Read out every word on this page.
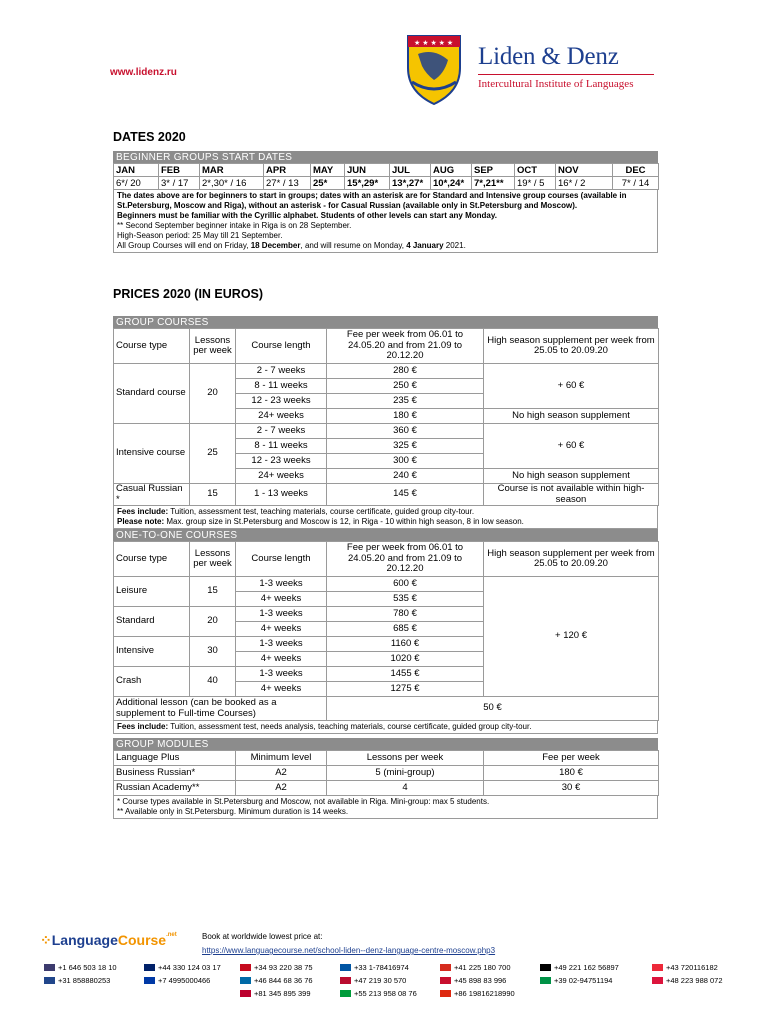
www.lidenz.ru
★ ★ ★ ★ ★ Liden & Denz
Intercultural Institute of Languages
DATES 2020
BEGINNER GROUPS START DATES
JAN	FEB	MAR	APR	MAY	JUN	JUL	AUG	SEP	OCT	NOV	DEC
6*/ 20	3* / 17	2*,30* / 16	27* / 13	25*	15*,29*	13*,27*	10*,24*	7*,21**	19* / 5	16* / 2	7* / 14
The dates above are for beginners to start in groups; dates with an asterisk are for Standard and Intensive group courses (available in St.Petersburg, Moscow and Riga), without an asterisk - for Casual Russian (available only in St.Petersburg and Moscow).
Beginners must be familiar with the Cyrillic alphabet. Students of other levels can start any Monday.
** Second September beginner intake in Riga is on 28 September.
High-Season period: 25 May till 21 September.
All Group Courses will end on Friday, 18 December, and will resume on Monday, 4 January 2021.
PRICES 2020 (IN EUROS)
GROUP COURSES
Course type	Lessons per week	Course length	Fee per week from 06.01 to 24.05.20 and from 21.09 to 20.12.20	High season supplement per week from 25.05 to 20.09.20
Standard course	20	2 - 7 weeks	280 €	+ 60 €
		8 - 11 weeks	250 €	
		12 - 23 weeks	235 €	
		24+ weeks	180 €	No high season supplement
Intensive course	25	2 - 7 weeks	360 €	+ 60 €
		8 - 11 weeks	325 €	
		12 - 23 weeks	300 €	
		24+ weeks	240 €	No high season supplement
Casual Russian *	15	1 - 13 weeks	145 €	Course is not available within high-season
Fees include: Tuition, assessment test, teaching materials, course certificate, guided group city-tour.
Please note: Max. group size in St.Petersburg and Moscow is 12, in Riga - 10 within high season, 8 in low season.
ONE-TO-ONE COURSES
Course type	Lessons per week	Course length	Fee per week from 06.01 to 24.05.20 and from 21.09 to 20.12.20	High season supplement per week from 25.05 to 20.09.20
Leisure	15	1-3 weeks	600 €	+ 120 €
		4+ weeks	535 €	
Standard	20	1-3 weeks	780 €	
		4+ weeks	685 €	
Intensive	30	1-3 weeks	1160 €	
		4+ weeks	1020 €	
Crash	40	1-3 weeks	1455 €	
		4+ weeks	1275 €	
Additional lesson (can be booked as a supplement to Full-time Courses)			50 €	
Fees include: Tuition, assessment test, needs analysis, teaching materials, course certificate, guided group city-tour.
GROUP MODULES
Language Plus	Minimum level	Lessons per week	Fee per week
Business Russian*	A2	5 (mini-group)	180 €
Russian Academy**	A2	4	30 €
* Course types available in St.Petersburg and Moscow, not available in Riga. Mini-group: max 5 students.
** Available only in St.Petersburg. Minimum duration is 14 weeks.
⁘LanguageCourse$^{.net}$	Book at worldwide lowest price at:
https://www.languagecourse.net/school-liden--denz-language-centre-moscow.php3
+1 646 503 18 10	+44 330 124 03 17	+34 93 220 38 75	+33 1-78416974	+41 225 180 700	+49 221 162 56897	+43 720116182
+31 858880253	+7 4995000466	+46 844 68 36 76	+47 219 30 570	+45 898 83 996	+39 02-94751194	+48 223 988 072
+81 345 895 399	+55 213 958 08 76	+86 19816218990
